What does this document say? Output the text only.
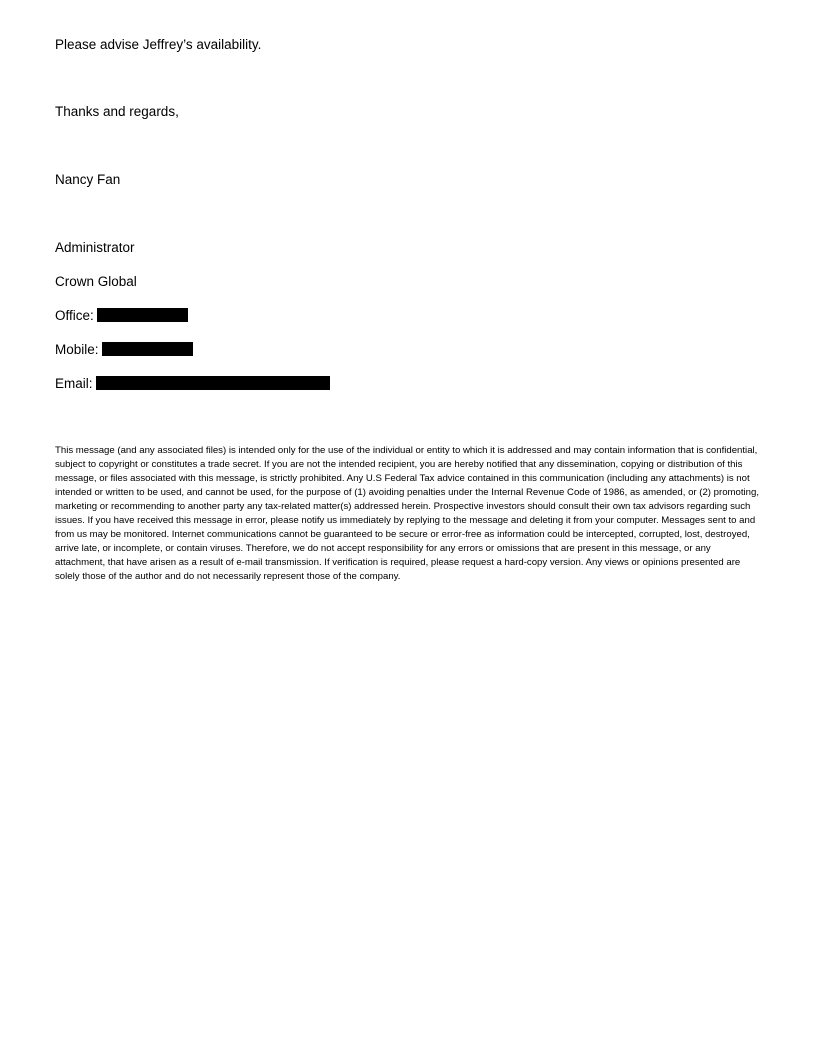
Please advise Jeffrey’s availability.
Thanks and regards,
Nancy Fan
Administrator
Crown Global
Office:
Mobile:
Email:

This message (and any associated files) is intended only for the use of the individual or entity to which it is addressed and may contain information that is confidential, subject to copyright or constitutes a trade secret. If you are not the intended recipient, you are hereby notified that any dissemination, copying or distribution of this message, or files associated with this message, is strictly prohibited. Any U.S Federal Tax advice contained in this communication (including any attachments) is not intended or written to be used, and cannot be used, for the purpose of (1) avoiding penalties under the Internal Revenue Code of 1986, as amended, or (2) promoting, marketing or recommending to another party any tax-related matter(s) addressed herein. Prospective investors should consult their own tax advisors regarding such issues. If you have received this message in error, please notify us immediately by replying to the message and deleting it from your computer. Messages sent to and from us may be monitored. Internet communications cannot be guaranteed to be secure or error-free as information could be intercepted, corrupted, lost, destroyed, arrive late, or incomplete, or contain viruses. Therefore, we do not accept responsibility for any errors or omissions that are present in this message, or any attachment, that have arisen as a result of e-mail transmission. If verification is required, please request a hard-copy version. Any views or opinions presented are solely those of the author and do not necessarily represent those of the company.
